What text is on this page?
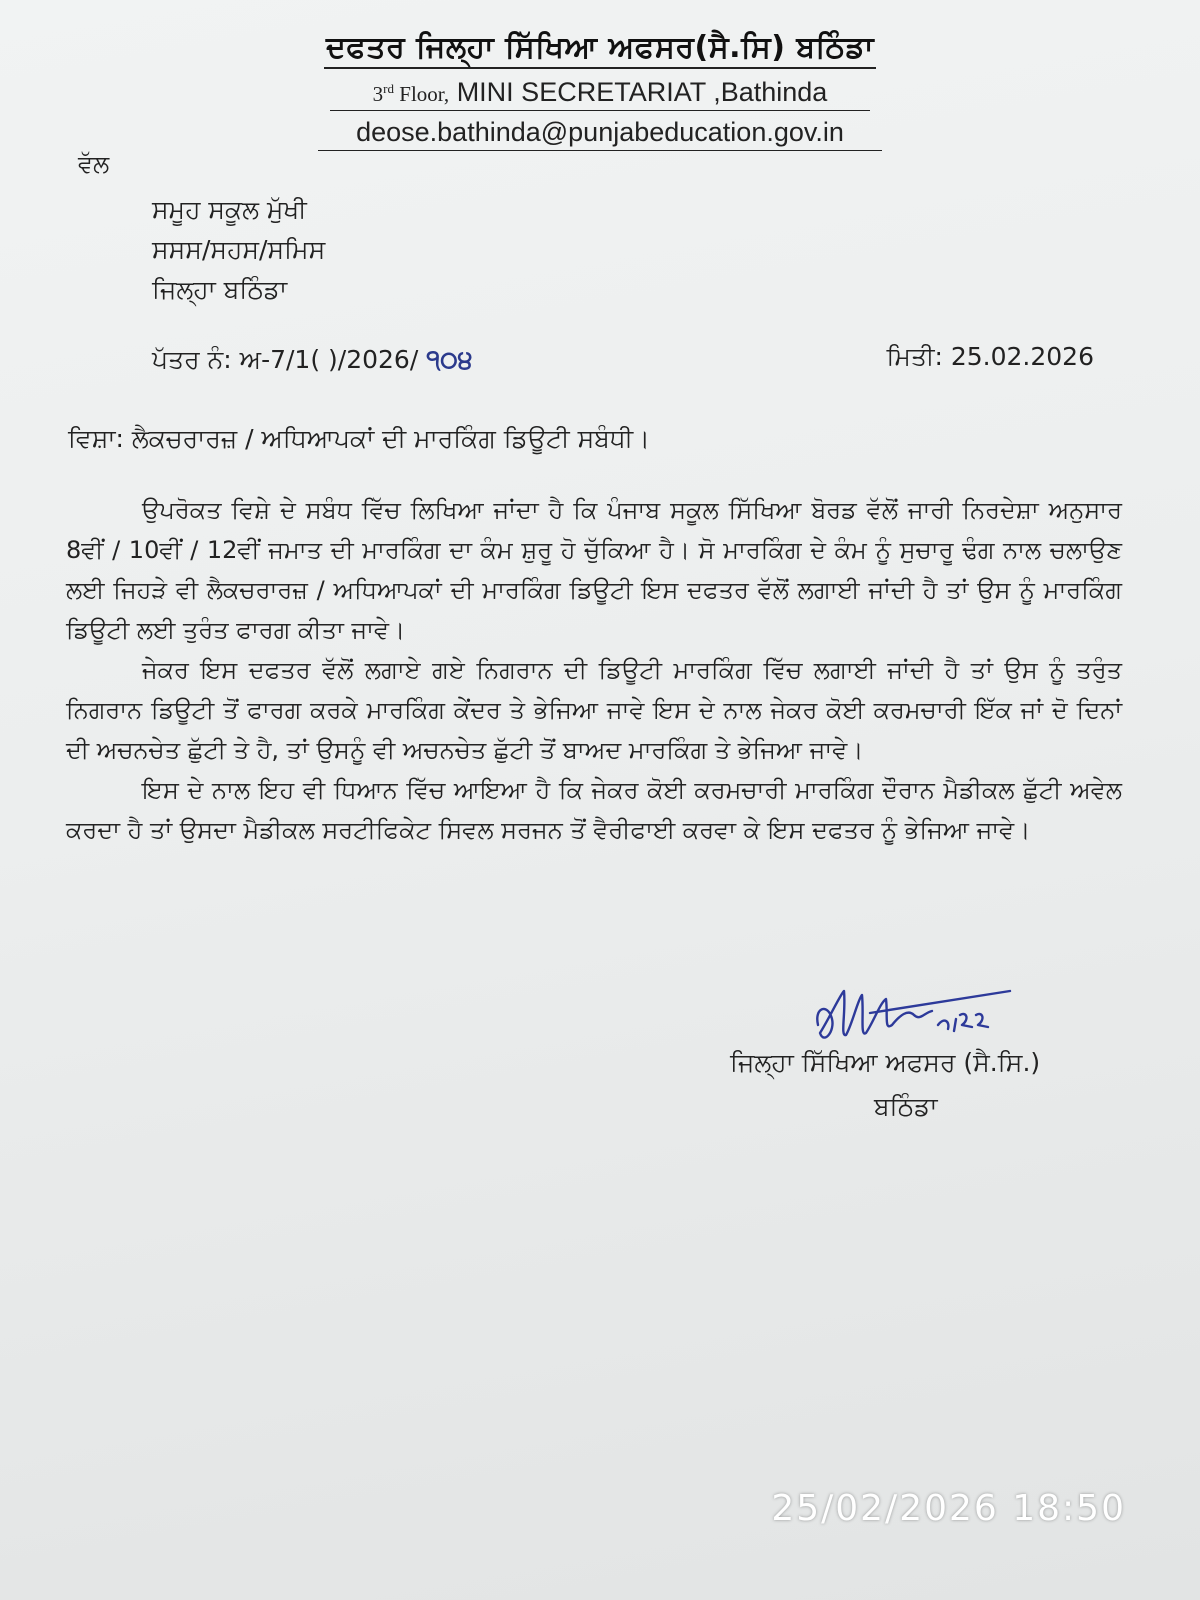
ਦਫਤਰ ਜਿਲ੍ਹਾ ਸਿੱਖਿਆ ਅਫਸਰ(ਸੈ.ਸਿ) ਬਠਿੰਡਾ
3rd Floor, MINI SECRETARIAT ,Bathinda
deose.bathinda@punjabeducation.gov.in
ਵੱਲ
ਸਮੂਹ ਸਕੂਲ ਮੁੱਖੀ
ਸਸਸ/ਸਹਸ/ਸਮਿਸ
ਜਿਲ੍ਹਾ ਬਠਿੰਡਾ
ਪੱਤਰ ਨੰ: ਅ-7/1( )/2026/ ੧੦੪	ਮਿਤੀ: 25.02.2026
ਵਿਸ਼ਾ: ਲੈਕਚਰਾਰਜ਼ / ਅਧਿਆਪਕਾਂ ਦੀ ਮਾਰਕਿੰਗ ਡਿਊਟੀ ਸਬੰਧੀ।

ਉਪਰੋਕਤ ਵਿਸ਼ੇ ਦੇ ਸਬੰਧ ਵਿੱਚ ਲਿਖਿਆ ਜਾਂਦਾ ਹੈ ਕਿ ਪੰਜਾਬ ਸਕੂਲ ਸਿੱਖਿਆ ਬੋਰਡ ਵੱਲੋਂ ਜਾਰੀ ਨਿਰਦੇਸ਼ਾ ਅਨੁਸਾਰ 8ਵੀਂ / 10ਵੀਂ / 12ਵੀਂ ਜਮਾਤ ਦੀ ਮਾਰਕਿੰਗ ਦਾ ਕੰਮ ਸ਼ੁਰੂ ਹੋ ਚੁੱਕਿਆ ਹੈ। ਸੋ ਮਾਰਕਿੰਗ ਦੇ ਕੰਮ ਨੂੰ ਸੁਚਾਰੂ ਢੰਗ ਨਾਲ ਚਲਾਉਣ ਲਈ ਜਿਹੜੇ ਵੀ ਲੈਕਚਰਾਰਜ਼ / ਅਧਿਆਪਕਾਂ ਦੀ ਮਾਰਕਿੰਗ ਡਿਊਟੀ ਇਸ ਦਫਤਰ ਵੱਲੋਂ ਲਗਾਈ ਜਾਂਦੀ ਹੈ ਤਾਂ ਉਸ ਨੂੰ ਮਾਰਕਿੰਗ ਡਿਊਟੀ ਲਈ ਤੁਰੰਤ ਫਾਰਗ ਕੀਤਾ ਜਾਵੇ।

ਜੇਕਰ ਇਸ ਦਫਤਰ ਵੱਲੋਂ ਲਗਾਏ ਗਏ ਨਿਗਰਾਨ ਦੀ ਡਿਊਟੀ ਮਾਰਕਿੰਗ ਵਿੱਚ ਲਗਾਈ ਜਾਂਦੀ ਹੈ ਤਾਂ ਉਸ ਨੂੰ ਤਰੁੰਤ ਨਿਗਰਾਨ ਡਿਊਟੀ ਤੋਂ ਫਾਰਗ ਕਰਕੇ ਮਾਰਕਿੰਗ ਕੇਂਦਰ ਤੇ ਭੇਜਿਆ ਜਾਵੇ ਇਸ ਦੇ ਨਾਲ ਜੇਕਰ ਕੋਈ ਕਰਮਚਾਰੀ ਇੱਕ ਜਾਂ ਦੋ ਦਿਨਾਂ ਦੀ ਅਚਨਚੇਤ ਛੁੱਟੀ ਤੇ ਹੈ, ਤਾਂ ਉਸਨੂੰ ਵੀ ਅਚਨਚੇਤ ਛੁੱਟੀ ਤੋਂ ਬਾਅਦ ਮਾਰਕਿੰਗ ਤੇ ਭੇਜਿਆ ਜਾਵੇ।

ਇਸ ਦੇ ਨਾਲ ਇਹ ਵੀ ਧਿਆਨ ਵਿੱਚ ਆਇਆ ਹੈ ਕਿ ਜੇਕਰ ਕੋਈ ਕਰਮਚਾਰੀ ਮਾਰਕਿੰਗ ਦੌਰਾਨ ਮੈਡੀਕਲ ਛੁੱਟੀ ਅਵੇਲ ਕਰਦਾ ਹੈ ਤਾਂ ਉਸਦਾ ਮੈਡੀਕਲ ਸਰਟੀਫਿਕੇਟ ਸਿਵਲ ਸਰਜਨ ਤੋਂ ਵੈਰੀਫਾਈ ਕਰਵਾ ਕੇ ਇਸ ਦਫਤਰ ਨੂੰ ਭੇਜਿਆ ਜਾਵੇ।

ਜਿਲ੍ਹਾ ਸਿੱਖਿਆ ਅਫਸਰ (ਸੈ.ਸਿ.)
ਬਠਿੰਡਾ
25/02/2026 18:50
